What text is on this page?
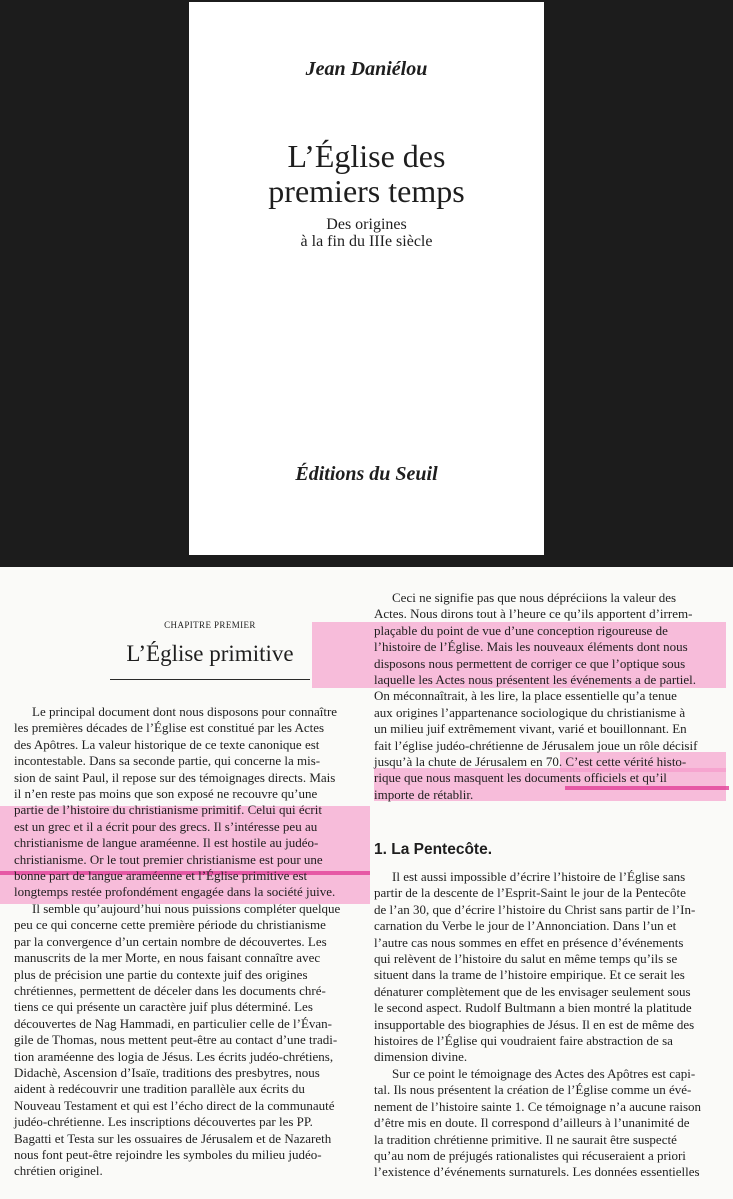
Jean Daniélou
L’Église des
premiers temps
Des origines
à la fin du IIIe siècle
Éditions du Seuil
CHAPITRE PREMIER
L’Église primitive
Le principal document dont nous disposons pour connaître
les premières décades de l’Église est constitué par les Actes
des Apôtres. La valeur historique de ce texte canonique est
incontestable. Dans sa seconde partie, qui concerne la mis-
sion de saint Paul, il repose sur des témoignages directs. Mais
il n’en reste pas moins que son exposé ne recouvre qu’une
partie de l’histoire du christianisme primitif. Celui qui écrit
est un grec et il a écrit pour des grecs. Il s’intéresse peu au
christianisme de langue araméenne. Il est hostile au judéo-
christianisme. Or le tout premier christianisme est pour une
bonne part de langue araméenne et l’Église primitive est
longtemps restée profondément engagée dans la société juive.
Il semble qu’aujourd’hui nous puissions compléter quelque
peu ce qui concerne cette première période du christianisme
par la convergence d’un certain nombre de découvertes. Les
manuscrits de la mer Morte, en nous faisant connaître avec
plus de précision une partie du contexte juif des origines
chrétiennes, permettent de déceler dans les documents chré-
tiens ce qui présente un caractère juif plus déterminé. Les
découvertes de Nag Hammadi, en particulier celle de l’Évan-
gile de Thomas, nous mettent peut-être au contact d’une tradi-
tion araméenne des logia de Jésus. Les écrits judéo-chrétiens,
Didachè, Ascension d’Isaïe, traditions des presbytres, nous
aident à redécouvrir une tradition parallèle aux écrits du
Nouveau Testament et qui est l’écho direct de la communauté
judéo-chrétienne. Les inscriptions découvertes par les PP.
Bagatti et Testa sur les ossuaires de Jérusalem et de Nazareth
nous font peut-être rejoindre les symboles du milieu judéo-
chrétien originel.
Ceci ne signifie pas que nous dépréciions la valeur des
Actes. Nous dirons tout à l’heure ce qu’ils apportent d’irrem-
plaçable du point de vue d’une conception rigoureuse de
l’histoire de l’Église. Mais les nouveaux éléments dont nous
disposons nous permettent de corriger ce que l’optique sous
laquelle les Actes nous présentent les événements a de partiel.
On méconnaîtrait, à les lire, la place essentielle qu’a tenue
aux origines l’appartenance sociologique du christianisme à
un milieu juif extrêmement vivant, varié et bouillonnant. En
fait l’église judéo-chrétienne de Jérusalem joue un rôle décisif
jusqu’à la chute de Jérusalem en 70. C’est cette vérité histo-
rique que nous masquent les documents officiels et qu’il
importe de rétablir.
1. La Pentecôte.
Il est aussi impossible d’écrire l’histoire de l’Église sans
partir de la descente de l’Esprit-Saint le jour de la Pentecôte
de l’an 30, que d’écrire l’histoire du Christ sans partir de l’In-
carnation du Verbe le jour de l’Annonciation. Dans l’un et
l’autre cas nous sommes en effet en présence d’événements
qui relèvent de l’histoire du salut en même temps qu’ils se
situent dans la trame de l’histoire empirique. Et ce serait les
dénaturer complètement que de les envisager seulement sous
le second aspect. Rudolf Bultmann a bien montré la platitude
insupportable des biographies de Jésus. Il en est de même des
histoires de l’Église qui voudraient faire abstraction de sa
dimension divine.
Sur ce point le témoignage des Actes des Apôtres est capi-
tal. Ils nous présentent la création de l’Église comme un évé-
nement de l’histoire sainte 1. Ce témoignage n’a aucune raison
d’être mis en doute. Il correspond d’ailleurs à l’unanimité de
la tradition chrétienne primitive. Il ne saurait être suspecté
qu’au nom de préjugés rationalistes qui récuseraient a priori
l’existence d’événements surnaturels. Les données essentielles
